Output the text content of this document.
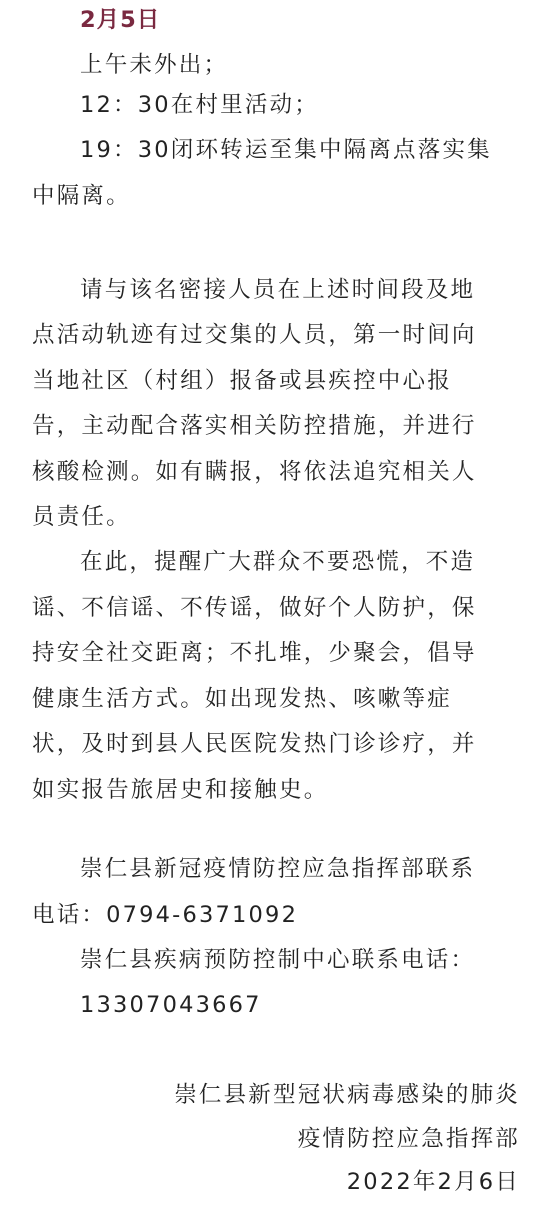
2月5日
上午未外出；
12：30在村里活动；
19：30闭环转运至集中隔离点落实集
中隔离。
请与该名密接人员在上述时间段及地
点活动轨迹有过交集的人员，第一时间向
当地社区（村组）报备或县疾控中心报
告，主动配合落实相关防控措施，并进行
核酸检测。如有瞒报，将依法追究相关人
员责任。
在此，提醒广大群众不要恐慌，不造
谣、不信谣、不传谣，做好个人防护，保
持安全社交距离；不扎堆，少聚会，倡导
健康生活方式。如出现发热、咳嗽等症
状，及时到县人民医院发热门诊诊疗，并
如实报告旅居史和接触史。
崇仁县新冠疫情防控应急指挥部联系
电话：0794-6371092
崇仁县疾病预防控制中心联系电话：
13307043667
崇仁县新型冠状病毒感染的肺炎
疫情防控应急指挥部
2022年2月6日
